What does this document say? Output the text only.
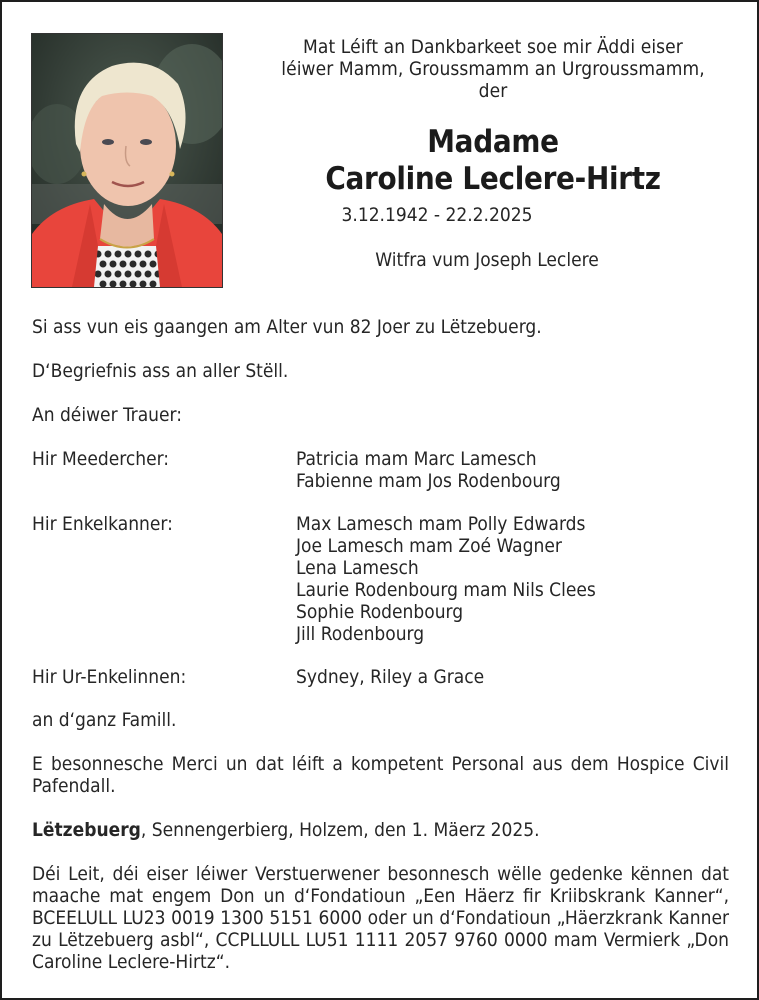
Mat Léift an Dankbarkeet soe mir Äddi eiser
léiwer Mamm, Groussmamm an Urgroussmamm,
der
Madame
Caroline Leclere-Hirtz
3.12.1942 - 22.2.2025
Witfra vum Joseph Leclere
Si ass vun eis gaangen am Alter vun 82 Joer zu Lëtzebuerg.
D‘Begriefnis ass an aller Stëll.
An déiwer Trauer:
Hir Meedercher:	Patricia mam Marc Lamesch
Fabienne mam Jos Rodenbourg
Hir Enkelkanner:	Max Lamesch mam Polly Edwards
Joe Lamesch mam Zoé Wagner
Lena Lamesch
Laurie Rodenbourg mam Nils Clees
Sophie Rodenbourg
Jill Rodenbourg
Hir Ur-Enkelinnen:	Sydney, Riley a Grace
an d‘ganz Famill.
E besonnesche Merci un dat léift a kompetent Personal aus dem Hospice Civil Pafendall.
Lëtzebuerg, Sennengerbierg, Holzem, den 1. Mäerz 2025.
Déi Leit, déi eiser léiwer Verstuerwener besonnesch wëlle gedenke kënnen dat maache mat engem Don un d‘Fondatioun „Een Häerz fir Kriibskrank Kanner“, BCEELULL LU23 0019 1300 5151 6000 oder un d‘Fondatioun „Häerzkrank Kanner zu Lëtzebuerg asbl“, CCPLLULL LU51 1111 2057 9760 0000 mam Vermierk „Don Caroline Leclere-Hirtz“.
